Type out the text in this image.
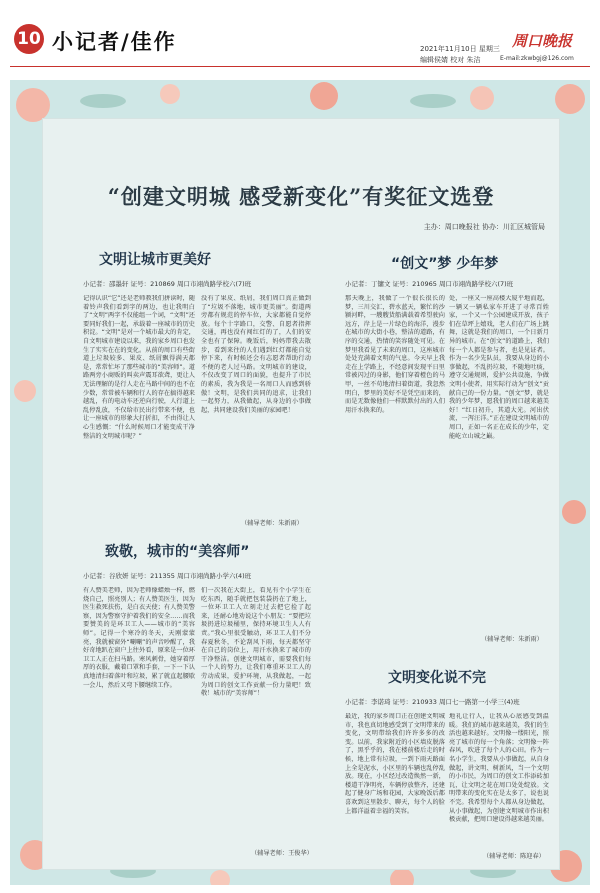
10 小记者/佳作	2021年11月10日 星期三
编辑侯婧 校对 朱洁
周口晚报
E-mail:zkwbgj@126.com
“创建文明城 感受新变化”有奖征文选登
主办：周口晚报社 协办：川汇区城管局
文明让城市更美好
小记者：邵墨轩 证号：210869 周口市翊尚路学校六(7)班
记得认识“它”还是老师教我们拼读时，随着铃声我们看到字的两边，也让我明白了“文明”两字不仅能组一个词，“文明”还要同好我们一起，承载着一座城市的历史积淀。“文明”是对一个城市最大的肯定，自文明城市建设以来，我的家乡周口也发生了实实在在的变化。从前的周口有些街道上垃圾较多、果皮、纸屑飘得满天都是，常常忙坏了那些城市的“美容师”。道路两旁小商贩的叫卖声震耳欲聋，更让人无法理解的是行人走在马路中间的也不在少数，常常被车辆和行人的存在搞得越来越乱，有的电动车还逆向行驶，人行道上乱停乱放，不仅给市民出行带来不便，也让一座城市的形象大打折扣，不由得让人心生感慨：“什么时候周口才能变成干净整洁的文明城市呢？”
没有了果皮、纸屑，我们周口真正做到了“垃圾不落地、城市更美丽”。街道两旁都有规范的停车位，大家都能自觉停放。每个十字路口，交警、自愿者指挥交通，再也没有闯红灯的了，人们的安全也有了保障。晚饭后，妈妈带我去散步，看到来往的人们遇到红灯都能自觉停下来，有时候还会有志愿者帮助行动不便的老人过马路。文明城市的建设，不仅改变了周口的面貌，也提升了市民的素质，我为我是一名周口人而感到骄傲！文明，是我们共同的追求，让我们一起努力，从我做起，从身边的小事做起，共同建设我们美丽的家园吧！
（辅导老师：朱新雨）
“创文”梦 少年梦
小记者：丁镛文 证号：210965 周口市翊尚路学校六(7)班
那天晚上，我做了一个很长很长的梦，三川交汇，碧水蓝天，繁忙的沙颍河畔，一艘艘货船满载着希望驶向远方，岸上是一片绿色的海洋，漫步在城市的大街小巷，整洁的道路，有序的交通，热情的笑容随处可见。在梦里我看见了未来的周口，这座城市处处充满着文明的气息。今天早上我走在上学路上，不经意间发现平日里常被闪过的身影，他们穿着橙色的马甲，一丝不苟地清扫着街道，我忽然明白，梦里的美好不是凭空而来的，而是无数像他们一样默默付出的人们用汗水换来的。
处，一座又一座高楼大厦平地而起，一辆又一辆私家车开进了寻常百姓家，一个又一个公园建成开放，孩子们在草坪上嬉戏，老人们在广场上跳舞，这就是我们的周口，一个日新月异的城市。在“创文”的道路上，我们每一个人都是参与者，也是见证者。作为一名少先队员，我要从身边的小事做起，不乱扔垃圾，不随地吐痰，遵守交通规则，爱护公共设施，争做文明小使者，用实际行动为“创文”贡献自己的一份力量。“创文”梦，就是我的少年梦，愿我们的周口越来越美好！“红日初升，其道大光。河出伏流，一泻汪洋。”正在建设文明城市的周口，正如一名正在成长的少年，定能屹立山城之巅。
（辅导老师：朱新雨）
致敬，城市的“美容师”
小记者：谷欣妍 证号：211355 周口市翊尚路小学六(4)班
有人赞美老师，因为老师像蜡烛一样，燃烧自己，照亮别人；有人赞美医生，因为医生救死扶伤，是白衣天使；有人赞美警察，因为警察守护着我们的安全……而我要赞美的是环卫工人——城市的“美容师”。记得一个寒冷的冬天，天刚蒙蒙亮，我就被窗外“唰唰”的声音吵醒了，我好奇地趴在窗户上往外看，原来是一位环卫工人正在扫马路。寒风刺骨，她穿着厚厚的衣服，戴着口罩和手套，一下一下认真地清扫着落叶和垃圾，累了就直起腰歇一会儿，然后又弯下腰继续工作。
们一次我在大街上，看见有个小学生在吃东西，随手就把包装袋扔在了地上，一位环卫工人立刻走过去把它捡了起来，还耐心地劝说这个小朋友：“要把垃圾扔进垃圾桶里，保持环境卫生人人有责。”我心里很受触动，环卫工人们不分春夏秋冬，不论刮风下雨，每天都坚守在自己的岗位上，用汗水换来了城市的干净整洁。创建文明城市，需要我们每一个人的努力，让我们尊重环卫工人的劳动成果，爱护环境，从我做起，一起为周口的创文工作贡献一份力量吧！致敬！城市的“美容师”！
（辅导老师：王俊华）
文明变化说不完
小记者：李诺琦 证号：210933 周口七一路第一小学三(4)班
最近，我的家乡周口正在创建文明城市，我也真切地感受到了文明带来的变化，文明带给我们许许多多的改变。以前，我家附近的小区墙皮脱落了，黑乎乎的，我在楼前楼后走的时候，地上常有垃圾，一到下雨天路面上全是泥水，小区里的车辆也乱停乱放。现在，小区经过改造焕然一新，楼道干净明亮，车辆停放整齐，还建起了健身广场和花园，大家晚饭后都喜欢到这里散步、聊天，每个人的脸上都洋溢着幸福的笑容。
地礼让行人，让我从心底感受到温暖。我们的城市越来越美，我们的生活也越来越好。文明像一缕阳光，照亮了城市的每一个角落；文明像一阵春风，吹进了每个人的心田。作为一名小学生，我要从小事做起，从自身做起，讲文明、树新风，当一个文明的小市民，为周口的创文工作添砖加瓦，让文明之花在周口处处绽放。文明带来的变化实在是太多了，说也说不完。我希望每个人都从身边做起，从小事做起，为创建文明城市作出积极贡献，把周口建设得越来越美丽。
（辅导老师：陈迎春）
